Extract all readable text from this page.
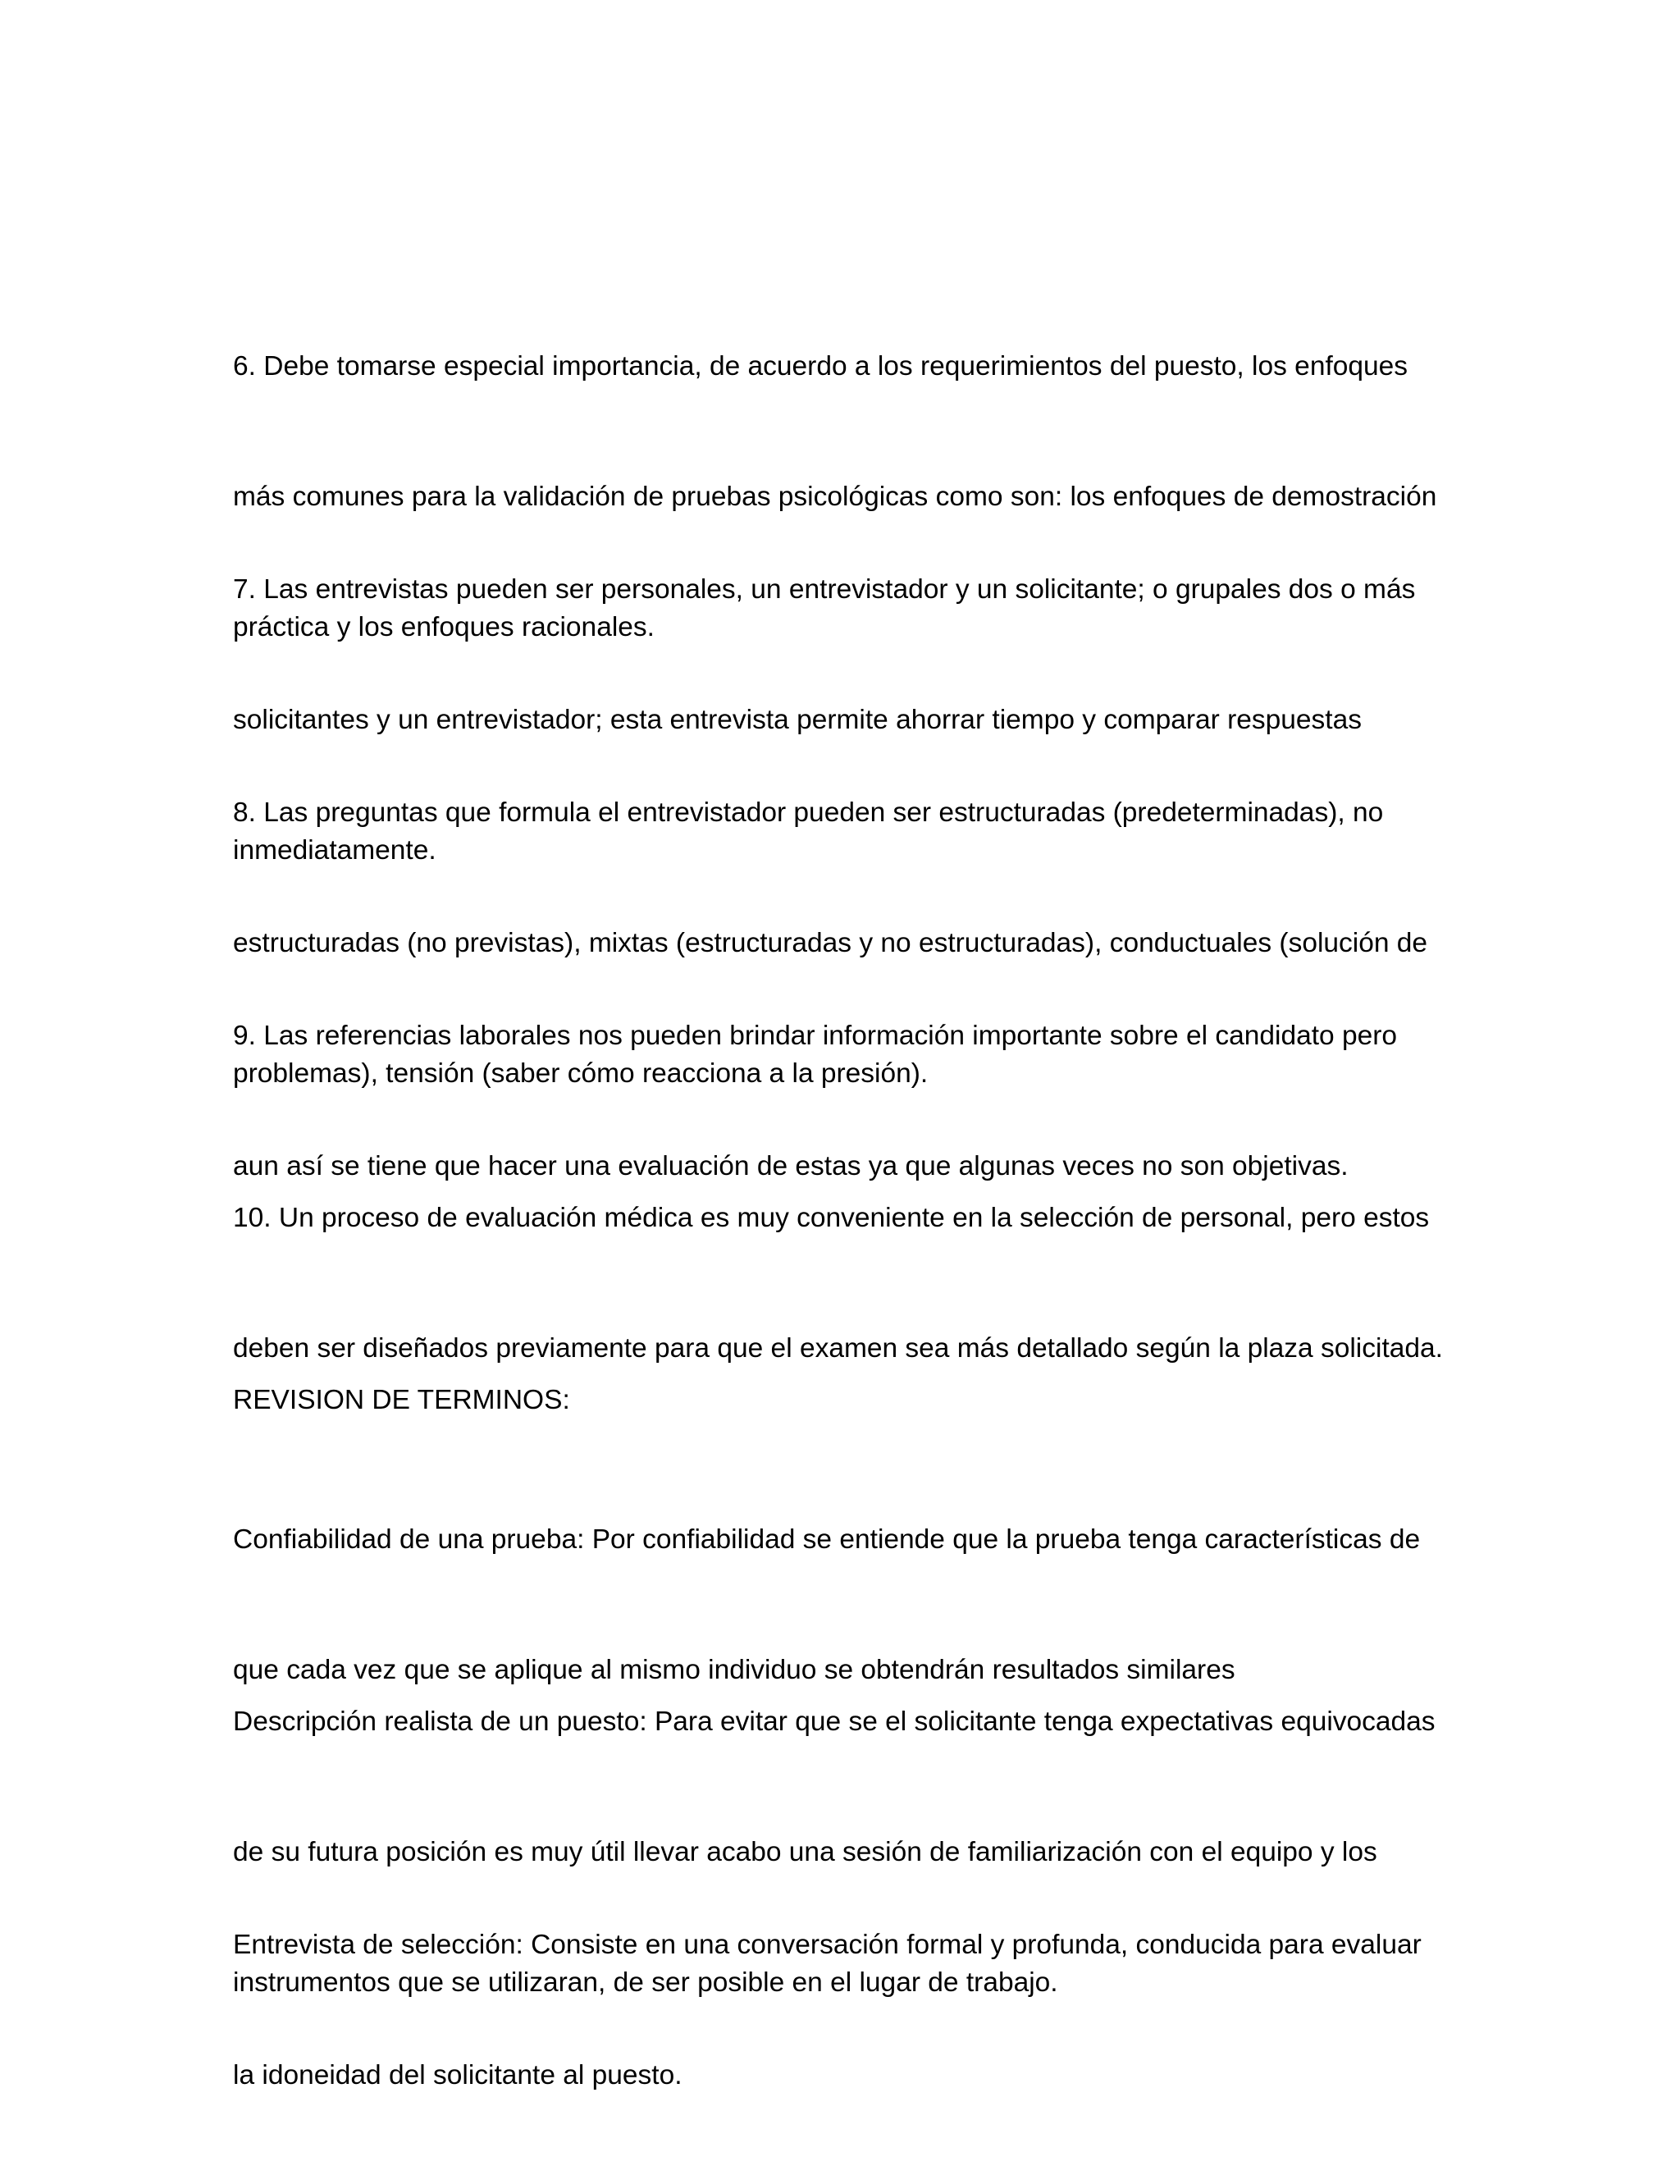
6. Debe tomarse especial importancia, de acuerdo a los requerimientos del puesto, los enfoques

más comunes para la validación de pruebas psicológicas como son: los enfoques de demostración

práctica y los enfoques racionales.

7. Las entrevistas pueden ser personales, un entrevistador y un solicitante; o grupales dos o más

solicitantes y un entrevistador; esta entrevista permite ahorrar tiempo y comparar respuestas

inmediatamente.

8. Las preguntas que formula el entrevistador pueden ser estructuradas (predeterminadas), no

estructuradas (no previstas), mixtas (estructuradas y no estructuradas), conductuales (solución de

problemas), tensión (saber cómo reacciona a la presión).

9. Las referencias laborales nos pueden brindar información importante sobre el candidato pero

aun así se tiene que hacer una evaluación de estas ya que algunas veces no son objetivas.

10. Un proceso de evaluación médica es muy conveniente en la selección de personal, pero estos

deben ser diseñados previamente para que el examen sea más detallado según la plaza solicitada.

REVISION DE TERMINOS:

Confiabilidad de una prueba: Por confiabilidad se entiende que la prueba tenga características de

que cada vez que se aplique al mismo individuo se obtendrán resultados similares

Descripción realista de un puesto: Para evitar que se el solicitante tenga expectativas equivocadas

de su futura posición es muy útil llevar acabo una sesión de familiarización con el equipo y los

instrumentos que se utilizaran, de ser posible en el lugar de trabajo.

Entrevista de selección: Consiste en una conversación formal y profunda, conducida para evaluar

la idoneidad del solicitante al puesto.
